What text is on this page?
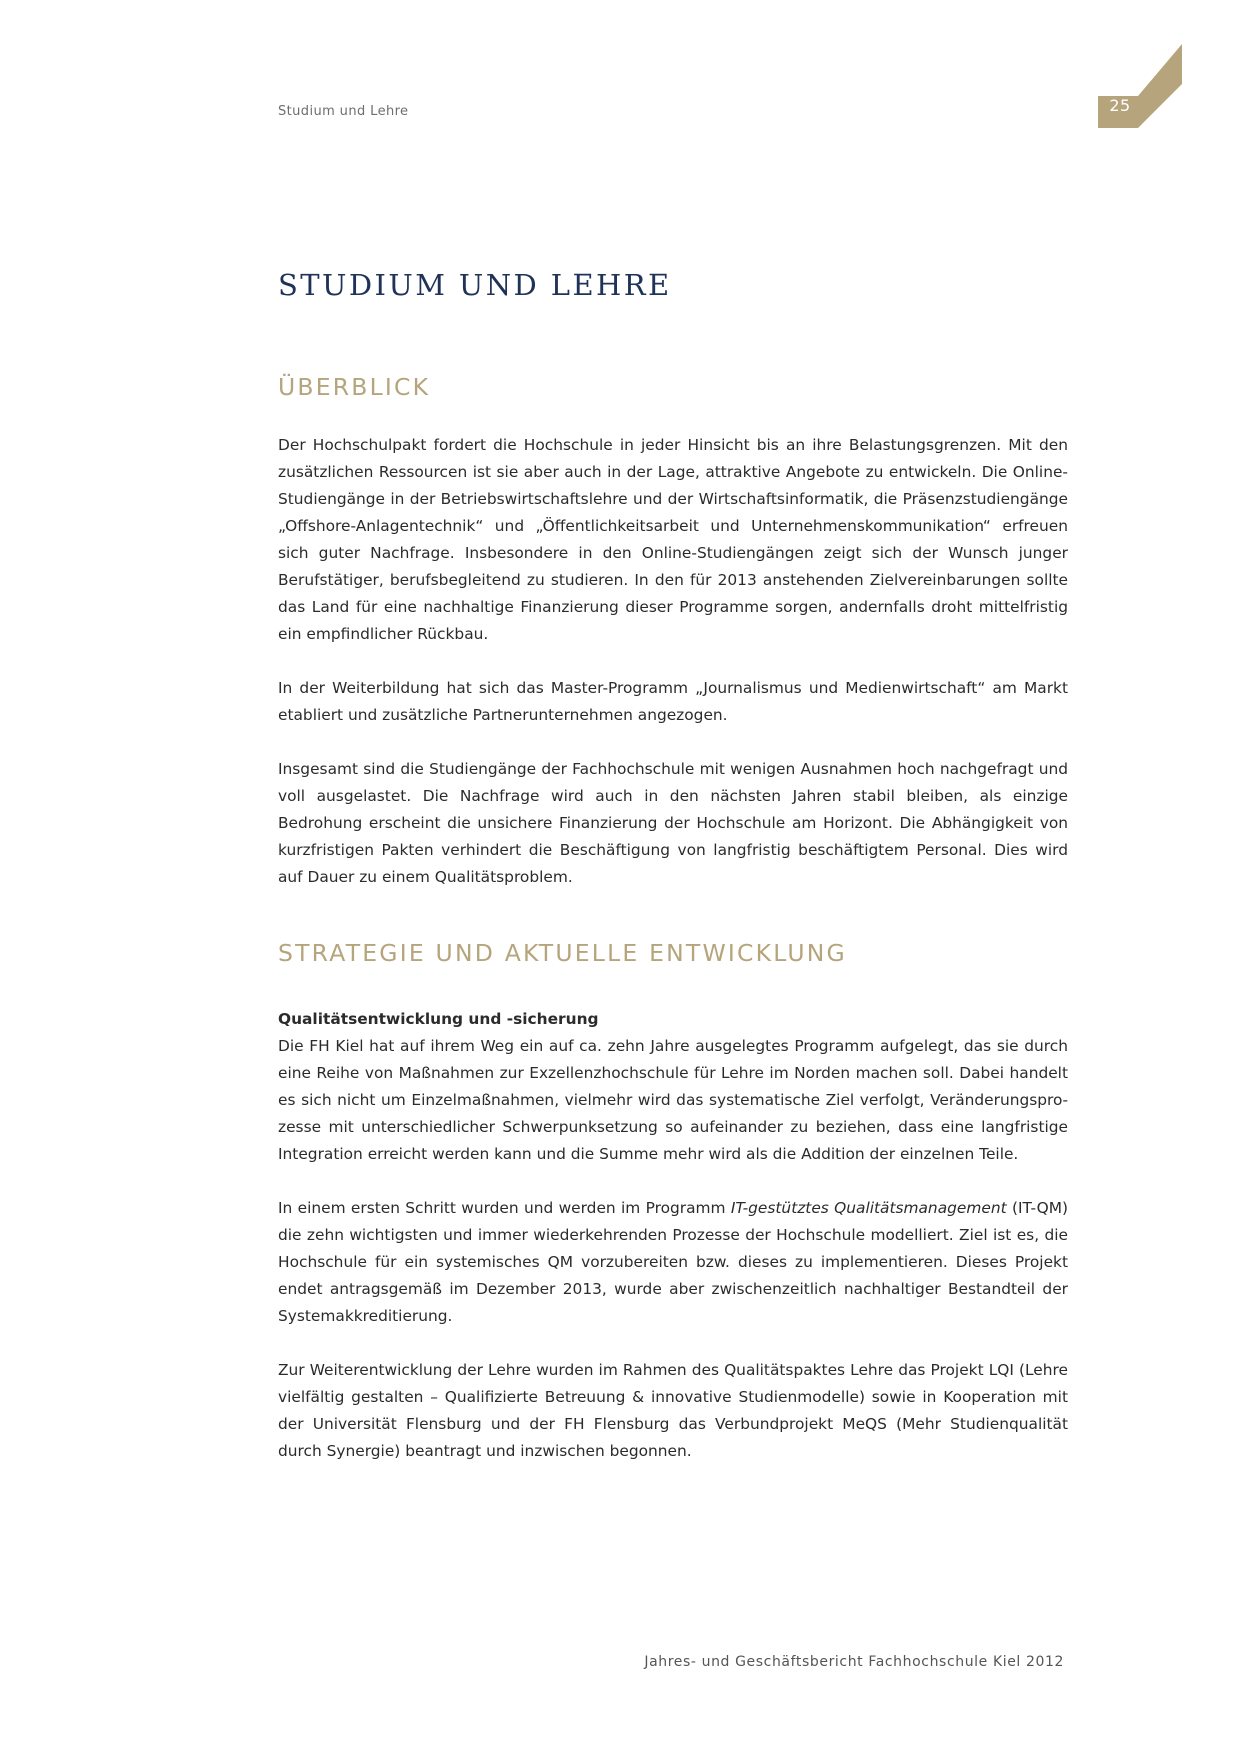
Studium und Lehre	25
STUDIUM UND LEHRE
ÜBERBLICK

Der Hochschulpakt fordert die Hochschule in jeder Hinsicht bis an ihre Belastungsgrenzen. Mit den zusätzlichen Ressourcen ist sie aber auch in der Lage, attraktive Angebote zu entwickeln. Die Online-Studiengänge in der Betriebswirtschaftslehre und der Wirtschaftsinformatik, die Präsenzstudiengänge „Offshore-Anlagentechnik“ und „Öffentlichkeitsarbeit und Unternehmenskommunikation“ erfreuen sich guter Nachfrage. Insbesondere in den Online-Studiengängen zeigt sich der Wunsch junger Berufstätiger, berufsbegleitend zu studieren. In den für 2013 anstehenden Zielvereinbarungen sollte das Land für eine nachhaltige Finanzierung dieser Programme sorgen, andernfalls droht mittelfristig ein empfindlicher Rückbau.

In der Weiterbildung hat sich das Master-Programm „Journalismus und Medienwirtschaft“ am Markt etabliert und zusätzliche Partnerunternehmen angezogen.

Insgesamt sind die Studiengänge der Fachhochschule mit wenigen Ausnahmen hoch nachgefragt und voll ausgelastet. Die Nachfrage wird auch in den nächsten Jahren stabil bleiben, als einzige Bedrohung erscheint die unsichere Finanzierung der Hochschule am Horizont. Die Abhängigkeit von kurzfristigen Pakten verhindert die Beschäftigung von langfristig beschäftigtem Personal. Dies wird auf Dauer zu einem Qualitätsproblem.

STRATEGIE UND AKTUELLE ENTWICKLUNG
Qualitätsentwicklung und -sicherung

Die FH Kiel hat auf ihrem Weg ein auf ca. zehn Jahre ausgelegtes Programm aufgelegt, das sie durch eine Reihe von Maßnahmen zur Exzellenzhochschule für Lehre im Norden machen soll. Dabei handelt es sich nicht um Einzelmaßnahmen, vielmehr wird das systematische Ziel verfolgt, Veränderungsprozesse mit unterschiedlicher Schwerpunksetzung so aufeinander zu beziehen, dass eine langfristige Integration erreicht werden kann und die Summe mehr wird als die Addition der einzelnen Teile.

In einem ersten Schritt wurden und werden im Programm IT-gestütztes Qualitätsmanagement (IT-QM) die zehn wichtigsten und immer wiederkehrenden Prozesse der Hochschule modelliert. Ziel ist es, die Hochschule für ein systemisches QM vorzubereiten bzw. dieses zu implementieren. Dieses Projekt endet antragsgemäß im Dezember 2013, wurde aber zwischenzeitlich nachhaltiger Bestandteil der Systemakkreditierung.

Zur Weiterentwicklung der Lehre wurden im Rahmen des Qualitätspaktes Lehre das Projekt LQI (Lehre vielfältig gestalten – Qualifizierte Betreuung & innovative Studienmodelle) sowie in Kooperation mit der Universität Flensburg und der FH Flensburg das Verbundprojekt MeQS (Mehr Studienqualität durch Synergie) beantragt und inzwischen begonnen.

Jahres- und Geschäftsbericht Fachhochschule Kiel 2012
